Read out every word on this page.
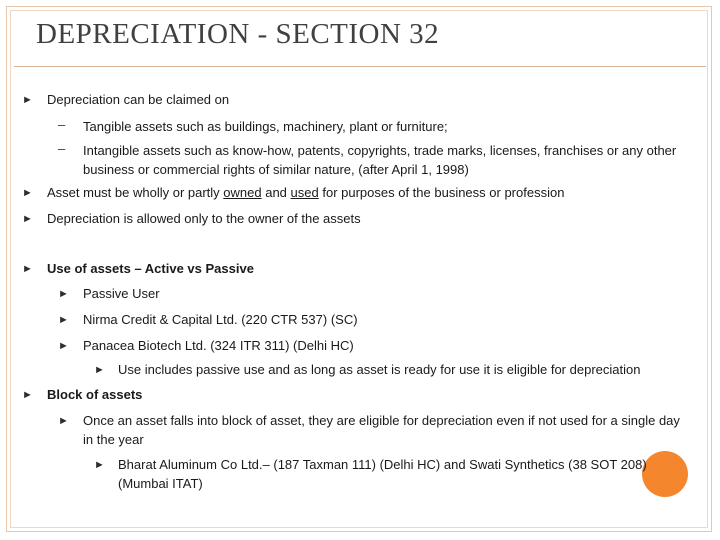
DEPRECIATION - SECTION 32
► Depreciation can be claimed on
– Tangible assets such as buildings, machinery, plant or furniture;
– Intangible assets such as know-how, patents, copyrights, trade marks, licenses, franchises or any other business or commercial rights of similar nature, (after April 1, 1998)
► Asset must be wholly or partly owned and used for purposes of the business or profession
► Depreciation is allowed only to the owner of the assets
► Use of assets – Active vs Passive
► Passive User
► Nirma Credit & Capital Ltd. (220 CTR 537) (SC)
► Panacea Biotech Ltd. (324 ITR 311) (Delhi HC)
► Use includes passive use and as long as asset is ready for use it is eligible for depreciation
► Block of assets
► Once an asset falls into block of asset, they are eligible for depreciation even if not used for a single day in the year
► Bharat Aluminum Co Ltd.– (187 Taxman 111) (Delhi HC) and Swati Synthetics (38 SOT 208) (Mumbai ITAT)
